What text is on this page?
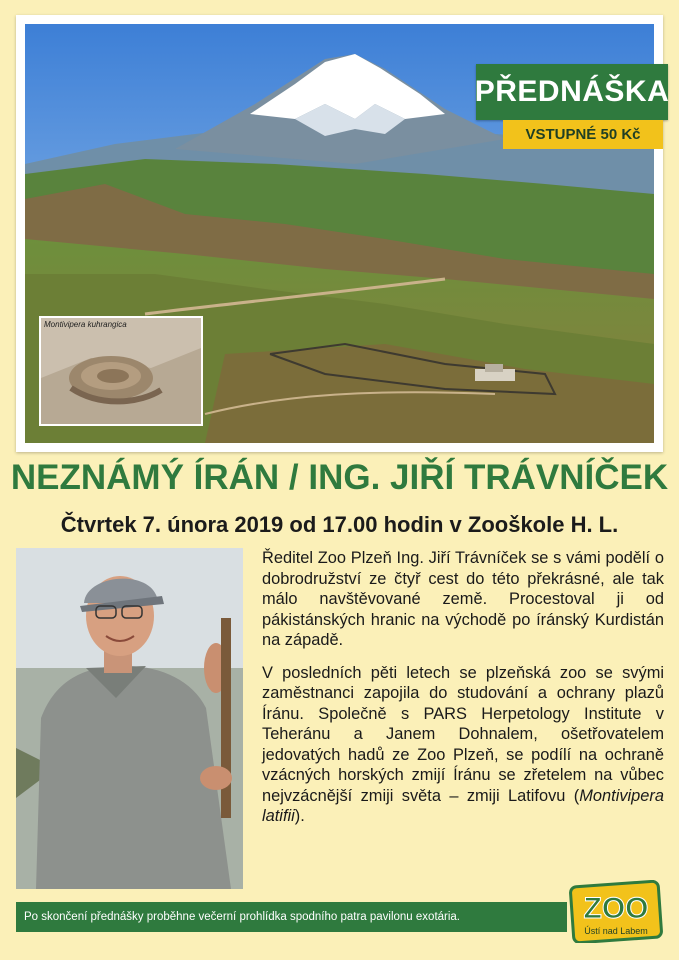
PŘEDNÁŠKA
VSTUPNÉ 50 Kč
Montivipera kuhrangica
NEZNÁMÝ ÍRÁN / ING. JIŘÍ TRÁVNÍČEK
Čtvrtek 7. února 2019 od 17.00 hodin v Zooškole H. L.

Ředitel Zoo Plzeň Ing. Jiří Trávníček se s vámi podělí o dobrodružství ze čtyř cest do této překrásné, ale tak málo navštěvované země. Procestoval ji od pákistánských hranic na východě po íránský Kurdistán na západě.

V posledních pěti letech se plzeňská zoo se svými zaměstnanci zapojila do studování a ochrany plazů Íránu. Společně s PARS Herpetology Institute v Teheránu a Janem Dohnalem, ošetřovatelem jedovatých hadů ze Zoo Plzeň, se podílí na ochraně vzácných horských zmijí Íránu se zřetelem na vůbec nejvzácnější zmiji světa – zmiji Latifovu (Montivipera latifii).

Po skončení přednášky proběhne večerní prohlídka spodního patra pavilonu exotária.	ZOO
Ústí nad Labem
